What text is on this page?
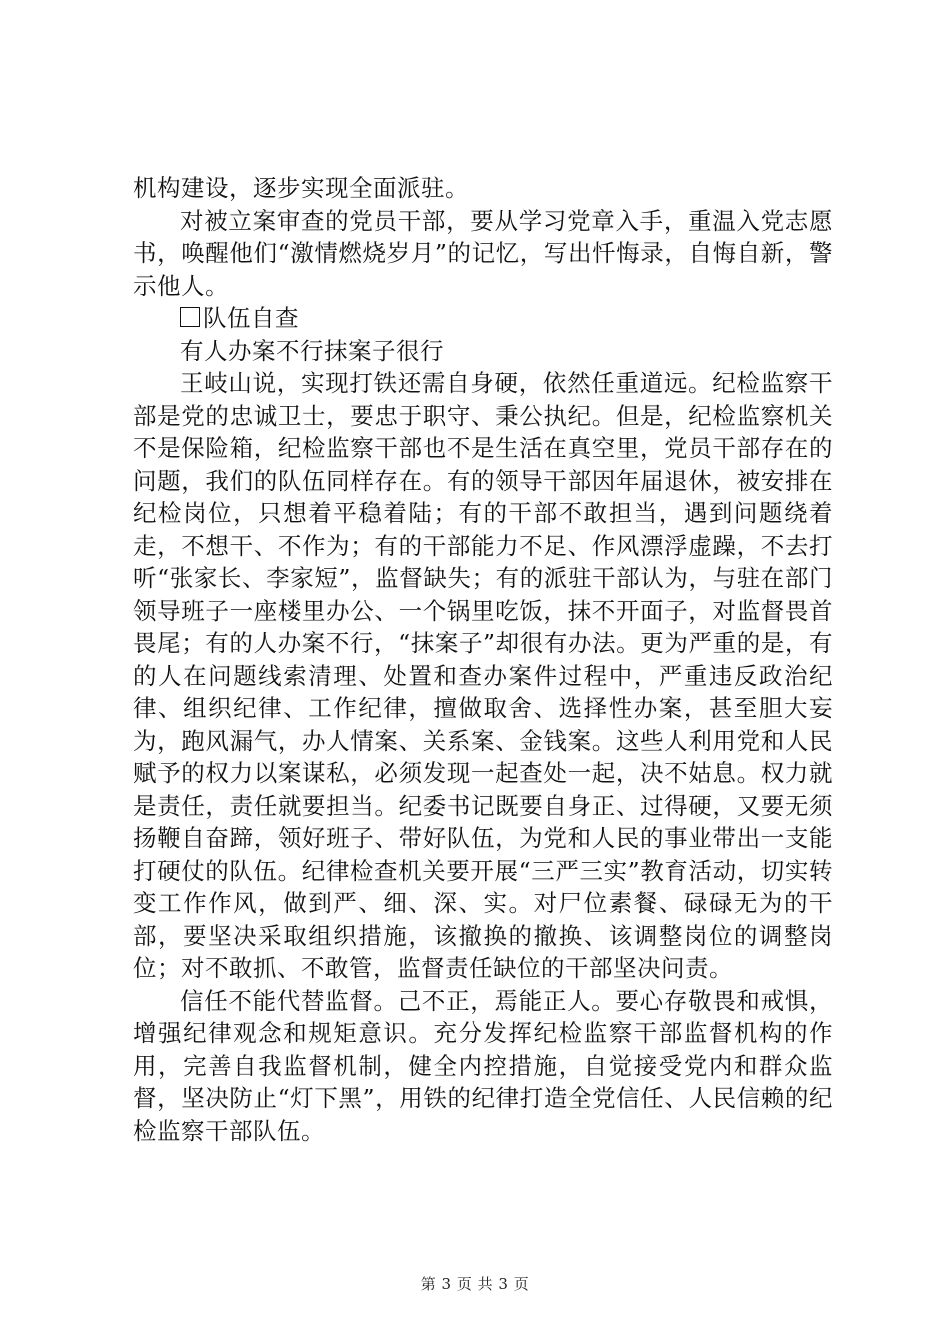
机构建设，逐步实现全面派驻。

对被立案审查的党员干部，要从学习党章入手，重温入党志愿书，唤醒他们“激情燃烧岁月”的记忆，写出忏悔录，自悔自新，警示他人。

队伍自查

有人办案不行抹案子很行

王岐山说，实现打铁还需自身硬，依然任重道远。纪检监察干部是党的忠诚卫士，要忠于职守、秉公执纪。但是，纪检监察机关不是保险箱，纪检监察干部也不是生活在真空里，党员干部存在的问题，我们的队伍同样存在。有的领导干部因年届退休，被安排在纪检岗位，只想着平稳着陆；有的干部不敢担当，遇到问题绕着走，不想干、不作为；有的干部能力不足、作风漂浮虚躁，不去打听“张家长、李家短”，监督缺失；有的派驻干部认为，与驻在部门领导班子一座楼里办公、一个锅里吃饭，抹不开面子，对监督畏首畏尾；有的人办案不行，“抹案子”却很有办法。更为严重的是，有的人在问题线索清理、处置和查办案件过程中，严重违反政治纪律、组织纪律、工作纪律，擅做取舍、选择性办案，甚至胆大妄为，跑风漏气，办人情案、关系案、金钱案。这些人利用党和人民赋予的权力以案谋私，必须发现一起查处一起，决不姑息。权力就是责任，责任就要担当。纪委书记既要自身正、过得硬，又要无须扬鞭自奋蹄，领好班子、带好队伍，为党和人民的事业带出一支能打硬仗的队伍。纪律检查机关要开展“三严三实”教育活动，切实转变工作作风，做到严、细、深、实。对尸位素餐、碌碌无为的干部，要坚决采取组织措施，该撤换的撤换、该调整岗位的调整岗位；对不敢抓、不敢管，监督责任缺位的干部坚决问责。

信任不能代替监督。己不正，焉能正人。要心存敬畏和戒惧，增强纪律观念和规矩意识。充分发挥纪检监察干部监督机构的作用，完善自我监督机制，健全内控措施，自觉接受党内和群众监督，坚决防止“灯下黑”，用铁的纪律打造全党信任、人民信赖的纪检监察干部队伍。

第 3 页 共 3 页
